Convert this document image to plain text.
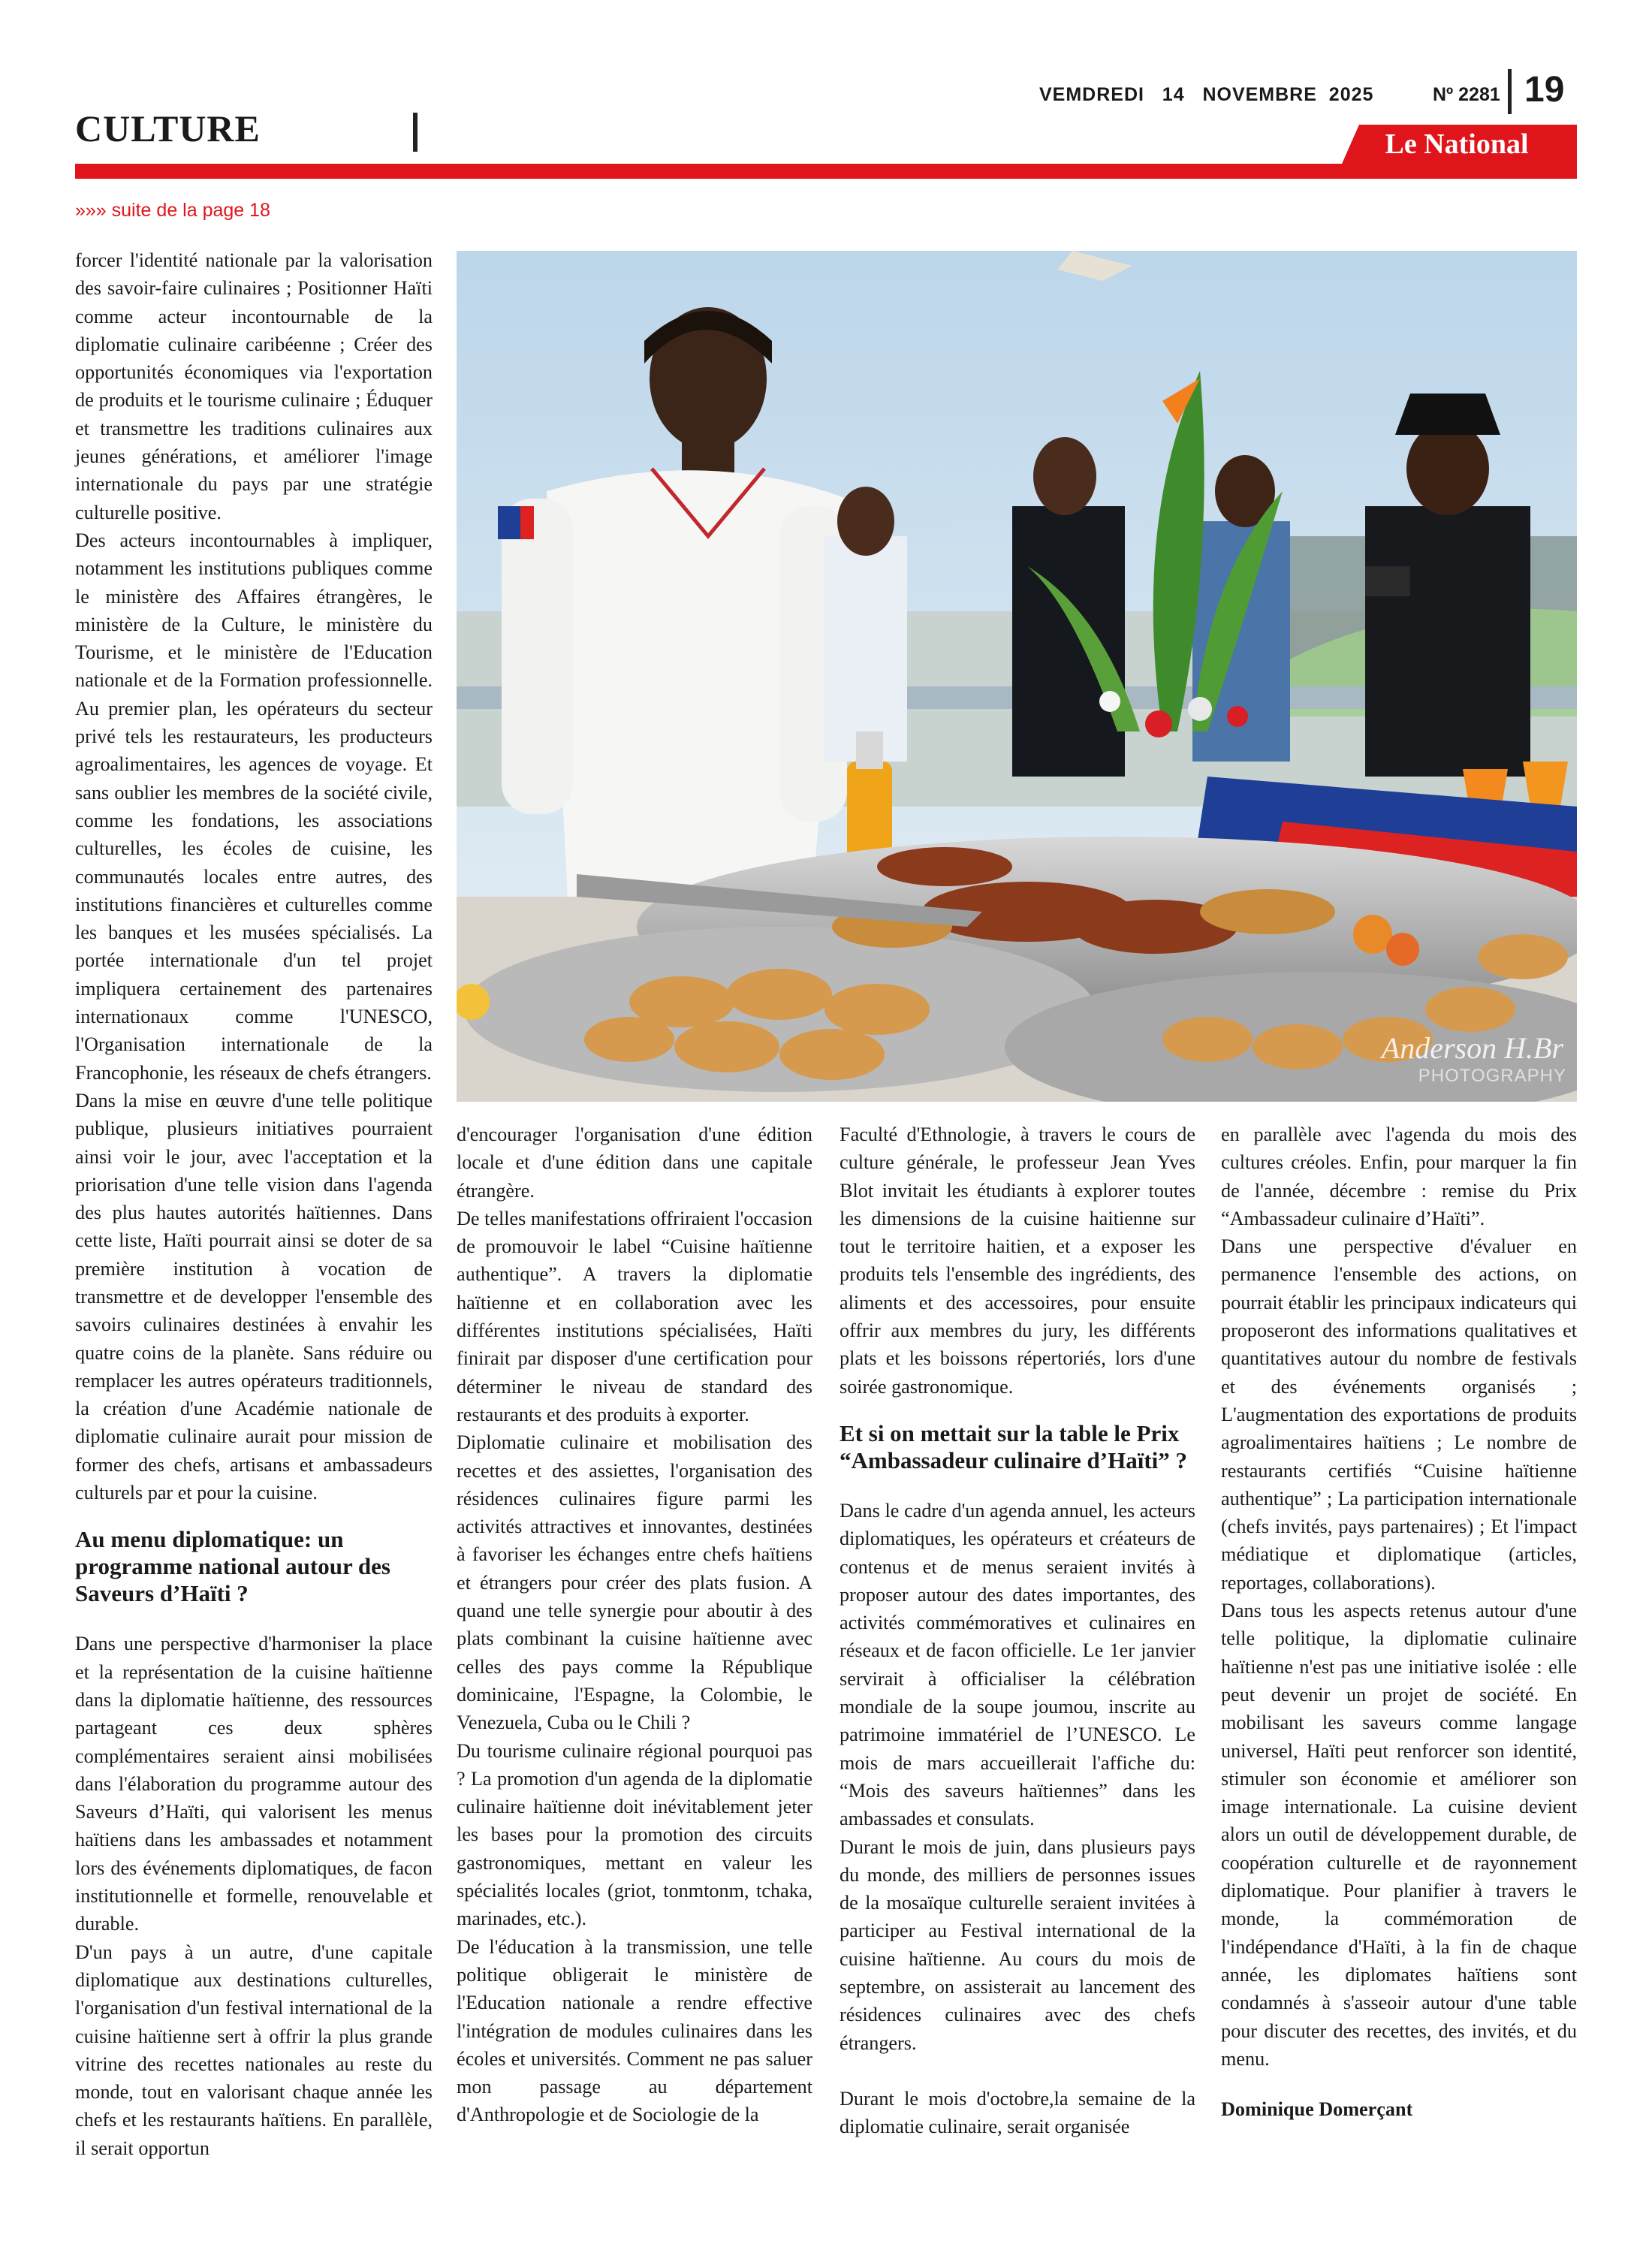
CULTURE
VEMDREDI   14   NOVEMBRE  2025	Nº 2281 19
Le National
»»» suite de la page 18
Anderson H.Br
PHOTOGRAPHY

forcer l'identité nationale par la valorisation des savoir-faire culinaires ; Positionner Haïti comme acteur incontournable de la diplomatie culinaire caribéenne ; Créer des opportunités économiques via l'exportation de produits et le tourisme culinaire ; Éduquer et transmettre les traditions culinaires aux jeunes générations, et améliorer l'image internationale du pays par une stratégie culturelle positive.

Des acteurs incontournables à impliquer, notamment les institutions publiques comme le ministère des Affaires étrangères, le ministère de la Culture, le ministère du Tourisme, et le ministère de l'Education nationale et de la Formation professionnelle. Au premier plan, les opérateurs du secteur privé tels les restaurateurs, les producteurs agroalimentaires, les agences de voyage. Et sans oublier les membres de la société civile, comme les fondations, les associations culturelles, les écoles de cuisine, les communautés locales entre autres, des institutions financières et culturelles comme les banques et les musées spécialisés. La portée internationale d'un tel projet impliquera certainement des partenaires internationaux comme l'UNESCO, l'Organisation internationale de la Francophonie, les réseaux de chefs étrangers.

Dans la mise en œuvre d'une telle politique publique, plusieurs initiatives pourraient ainsi voir le jour, avec l'acceptation et la priorisation d'une telle vision dans l'agenda des plus hautes autorités haïtiennes. Dans cette liste, Haïti pourrait ainsi se doter de sa première institution à vocation de transmettre et de developper l'ensemble des savoirs culinaires destinées à envahir les quatre coins de la planète. Sans réduire ou remplacer les autres opérateurs traditionnels, la création d'une Académie nationale de diplomatie culinaire aurait pour mission de former des chefs, artisans et ambassadeurs culturels par et pour la cuisine.

Au menu diplomatique: un programme national autour des Saveurs d’Haïti ?

Dans une perspective d'harmoniser la place et la représentation de la cuisine haïtienne dans la diplomatie haïtienne, des ressources partageant ces deux sphères complémentaires seraient ainsi mobilisées dans l'élaboration du programme autour des Saveurs d’Haïti, qui valorisent les menus haïtiens dans les ambassades et notamment lors des événements diplomatiques, de facon institutionnelle et formelle, renouvelable et durable.

D'un pays à un autre, d'une capitale diplomatique aux destinations culturelles, l'organisation d'un festival international de la cuisine haïtienne sert à offrir la plus grande vitrine des recettes nationales au reste du monde, tout en valorisant chaque année les chefs et les restaurants haïtiens. En parallèle, il serait opportun

d'encourager l'organisation d'une édition locale et d'une édition dans une capitale étrangère.

De telles manifestations offriraient l'occasion de promouvoir le label “Cuisine haïtienne authentique”. A travers la diplomatie haïtienne et en collaboration avec les différentes institutions spécialisées, Haïti finirait par disposer d'une certification pour déterminer le niveau de standard des restaurants et des produits à exporter.

Diplomatie culinaire et mobilisation des recettes et des assiettes, l'organisation des résidences culinaires figure parmi les activités attractives et innovantes, destinées à favoriser les échanges entre chefs haïtiens et étrangers pour créer des plats fusion. A quand une telle synergie pour aboutir à des plats combinant la cuisine haïtienne avec celles des pays comme la République dominicaine, l'Espagne, la Colombie, le Venezuela, Cuba ou le Chili ?

Du tourisme culinaire régional pourquoi pas ? La promotion d'un agenda de la diplomatie culinaire haïtienne doit inévitablement jeter les bases pour la promotion des circuits gastronomiques, mettant en valeur les spécialités locales (griot, tonmtonm, tchaka, marinades, etc.).

De l'éducation à la transmission, une telle politique obligerait le ministère de l'Education nationale a rendre effective l'intégration de modules culinaires dans les écoles et universités. Comment ne pas saluer mon passage au département d'Anthropologie et de Sociologie de la

Faculté d'Ethnologie, à travers le cours de culture générale, le professeur Jean Yves Blot invitait les étudiants à explorer toutes les dimensions de la cuisine haitienne sur tout le territoire haitien, et a exposer les produits tels l'ensemble des ingrédients, des aliments et des accessoires, pour ensuite offrir aux membres du jury, les différents plats et les boissons répertoriés, lors d'une soirée gastronomique.

Et si on mettait sur la table le Prix “Ambassadeur culinaire d’Haïti” ?

Dans le cadre d'un agenda annuel, les acteurs diplomatiques, les opérateurs et créateurs de contenus et de menus seraient invités à proposer autour des dates importantes, des activités commémoratives et culinaires en réseaux et de facon officielle. Le 1er janvier servirait à officialiser la célébration mondiale de la soupe joumou, inscrite au patrimoine immatériel de l’UNESCO. Le mois de mars accueillerait l'affiche du: “Mois des saveurs haïtiennes” dans les ambassades et consulats.

Durant le mois de juin, dans plusieurs pays du monde, des milliers de personnes issues de la mosaïque culturelle seraient invitées à participer au Festival international de la cuisine haïtienne. Au cours du mois de septembre, on assisterait au lancement des résidences culinaires avec des chefs étrangers.

Durant le mois d'octobre,la semaine de la diplomatie culinaire, serait organisée

en parallèle avec l'agenda du mois des cultures créoles. Enfin, pour marquer la fin de l'année, décembre : remise du Prix “Ambassadeur culinaire d’Haïti”.

Dans une perspective d'évaluer en permanence l'ensemble des actions, on pourrait établir les principaux indicateurs qui proposeront des informations qualitatives et quantitatives autour du nombre de festivals et des événements organisés ; L'augmentation des exportations de produits agroalimentaires haïtiens ; Le nombre de restaurants certifiés “Cuisine haïtienne authentique” ; La participation internationale (chefs invités, pays partenaires) ; Et l'impact médiatique et diplomatique (articles, reportages, collaborations).

Dans tous les aspects retenus autour d'une telle politique, la diplomatie culinaire haïtienne n'est pas une initiative isolée : elle peut devenir un projet de société. En mobilisant les saveurs comme langage universel, Haïti peut renforcer son identité, stimuler son économie et améliorer son image internationale. La cuisine devient alors un outil de développement durable, de coopération culturelle et de rayonnement diplomatique. Pour planifier à travers le monde, la commémoration de l'indépendance d'Haïti, à la fin de chaque année, les diplomates haïtiens sont condamnés à s'asseoir autour d'une table pour discuter des recettes, des invités, et du menu.

Dominique Domerçant
